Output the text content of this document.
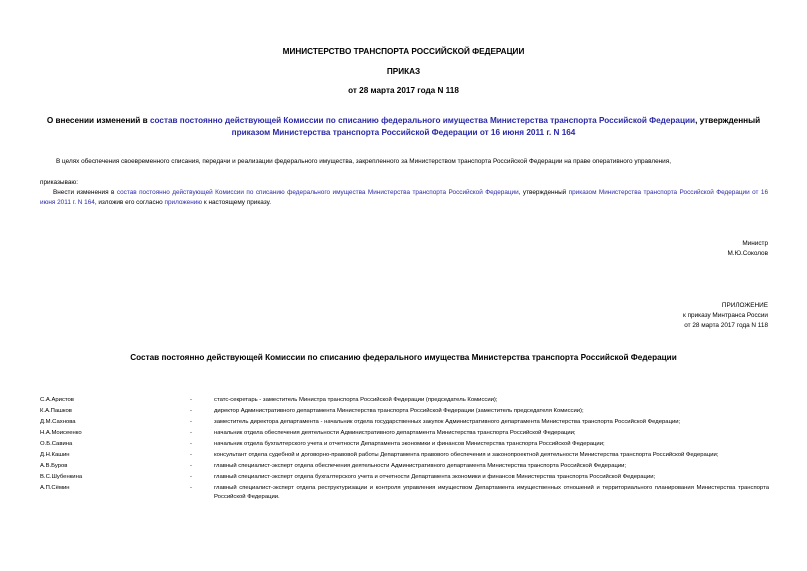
МИНИСТЕРСТВО ТРАНСПОРТА РОССИЙСКОЙ ФЕДЕРАЦИИ
ПРИКАЗ
от 28 марта 2017 года N 118
О внесении изменений в состав постоянно действующей Комиссии по списанию федерального имущества Министерства транспорта Российской Федерации, утвержденный приказом Министерства транспорта Российской Федерации от 16 июня 2011 г. N 164
В целях обеспечения своевременного списания, передачи и реализации федерального имущества, закрепленного за Министерством транспорта Российской Федерации на праве оперативного управления,
приказываю:
Внести изменения в состав постоянно действующей Комиссии по списанию федерального имущества Министерства транспорта Российской Федерации, утвержденный приказом Министерства транспорта Российской Федерации от 16 июня 2011 г. N 164, изложив его согласно приложению к настоящему приказу.
Министр
М.Ю.Соколов
ПРИЛОЖЕНИЕ
к приказу Минтранса России
от 28 марта 2017 года N 118
Состав постоянно действующей Комиссии по списанию федерального имущества Министерства транспорта Российской Федерации
С.А.Аристов	-	статс-секретарь - заместитель Министра транспорта Российской Федерации (председатель Комиссии);
К.А.Пашков	-	директор Административного департамента Министерства транспорта Российской Федерации (заместитель председателя Комиссии);
Д.М.Сахнова	-	заместитель директора департамента - начальник отдела государственных закупок Административного департамента Министерства транспорта Российской Федерации;
Н.А.Моисеенко	-	начальник отдела обеспечения деятельности Административного департамента Министерства транспорта Российской Федерации;
О.Б.Савина	-	начальник отдела бухгалтерского учета и отчетности Департамента экономики и финансов Министерства транспорта Российской Федерации;
Д.Н.Кашин	-	консультант отдела судебной и договорно-правовой работы Департамента правового обеспечения и законопроектной деятельности Министерства транспорта Российской Федерации;
А.В.Буров	-	главный специалист-эксперт отдела обеспечения деятельности Административного департамента Министерства транспорта Российской Федерации;
В.С.Шубенкина	-	главный специалист-эксперт отдела бухгалтерского учета и отчетности Департамента экономики и финансов Министерства транспорта Российской Федерации;
А.П.Сёмин	-	главный специалист-эксперт отдела реструктуризации и контроля управления имуществом Департамента имущественных отношений и территориального планирования Министерства транспорта Российской Федерации.
